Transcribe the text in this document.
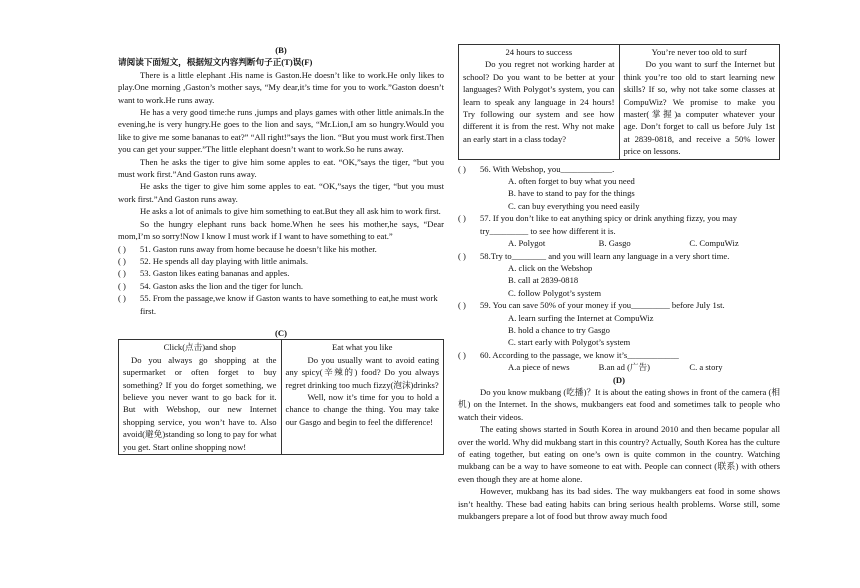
(B)

请阅读下面短文，根据短文内容判断句子正(T)误(F)

There is a little elephant .His name is Gaston.He doesn’t like to work.He only likes to play.One morning ,Gaston’s mother says, “My dear,it’s time for you to work.”Gaston doesn’t want to work.He runs away.

He has a very good time:he runs ,jumps and plays games with other little animals.In the evening,he is very hungry.He goes to the lion and says, “Mr.Lion,I am so hungry.Would you like to give me some bananas to eat?” “All right!”says the lion. “But you must work first.Then you can get your supper.”The little elephant doesn’t want to work.So he runs away.

Then he asks the tiger to give him some apples to eat. “OK,”says the tiger, “but you must work first.”And Gaston runs away.

He asks the tiger to give him some apples to eat. “OK,”says the tiger, “but you must work first.”And Gaston runs away.

He asks a lot of animals to give him something to eat.But they all ask him to work first.

So the hungry elephant runs back home.When he sees his mother,he says, “Dear mom,I’m so sorry!Now I know I must work if I want to have something to eat.”

( )	51. Gaston runs away from home because he doesn’t like his mother.
( )	52. He spends all day playing with little animals.
( )	53. Gaston likes eating bananas and apples.
( )	54. Gaston asks the lion and the tiger for lunch.
( )	55. From the passage,we know if Gaston wants to have something to eat,he must work first.

(C)

Click(点击)and shop

Do you always go shopping at the supermarket or often forget to buy something? If you do forget something, we believe you never want to go back for it. But with Webshop, our new Internet shopping service, you won’t have to. Also avoid(避免)standing so long to pay for what you get. Start online shopping now!

Eat what you like

Do you usually want to avoid eating any spicy(辛辣的) food? Do you always regret drinking too much fizzy(泡沫)drinks?

Well, now it’s time for you to hold a chance to change the thing. You may take our Gasgo and begin to feel the difference!

24 hours to success

Do you regret not working harder at school? Do you want to be better at your languages? With Polygot’s system, you can learn to speak any language in 24 hours! Try following our system and see how different it is from the rest. Why not make an early start in a class today?

You’re never too old to surf

Do you want to surf the Internet but think you’re too old to start learning new skills? If so, why not take some classes at CompuWiz? We promise to make you master(掌握)a computer whatever your age. Don’t forget to call us before July 1st at 2839-0818, and receive a 50% lower price on lessons.

( )	56. With Webshop, you____________.

A. often forget to buy what you need

B. have to stand to pay for the things

C. can buy everything you need easily

( )	57. If you don’t like to eat anything spicy or drink anything fizzy, you may try_________ to see how different it is.
A. Polygot	B. Gasgo	C. CompuWiz
( )	58.Try to________ and you will learn any language in a very short time.

A. click on the Webshop

B. call at 2839-0818

C. follow Polygot’s system

( )	59. You can save 50% of your money if you_________ before July 1st.

A. learn surfing the Internet at CompuWiz

B. hold a chance to try Gasgo

C. start early with Polygot’s system

( )	60. According to the passage, we know it’s____________
A.a piece of news	B.an ad (广告)	C. a story

(D)

Do you know mukbang (吃播)？It is about the eating shows in front of the camera (相机) on the Internet. In the shows, mukbangers eat food and sometimes talk to people who watch their videos.

The eating shows started in South Korea in around 2010 and then became popular all over the world. Why did mukbang start in this country? Actually, South Korea has the culture of eating together, but eating on one’s own is quite common in the country. Watching mukbang can be a way to have someone to eat with. People can connect (联系) with others even though they are at home alone.

However, mukbang has its bad sides. The way mukbangers eat food in some shows isn’t healthy. These bad eating habits can bring serious health problems. Worse still, some mukbangers prepare a lot of food but throw away much food
